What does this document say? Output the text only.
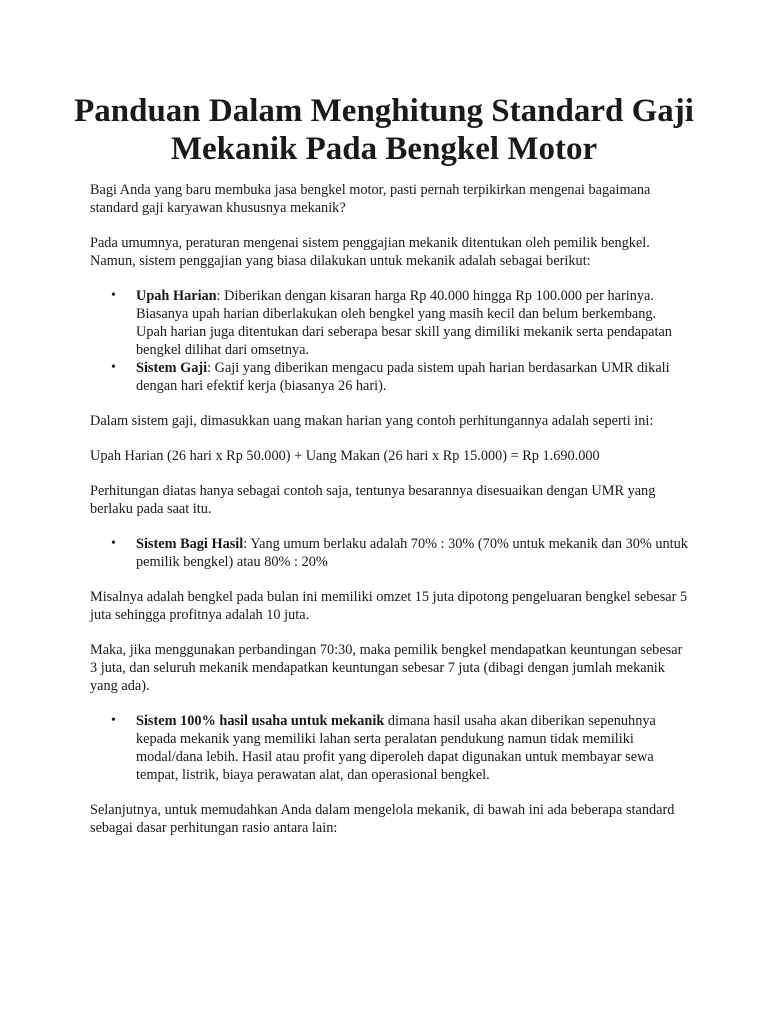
Panduan Dalam Menghitung Standard Gaji
Mekanik Pada Bengkel Motor

Bagi Anda yang baru membuka jasa bengkel motor, pasti pernah terpikirkan mengenai bagaimana standard gaji karyawan khususnya mekanik?

Pada umumnya, peraturan mengenai sistem penggajian mekanik ditentukan oleh pemilik bengkel. Namun, sistem penggajian yang biasa dilakukan untuk mekanik adalah sebagai berikut:

• Upah Harian: Diberikan dengan kisaran harga Rp 40.000 hingga Rp 100.000 per harinya. Biasanya upah harian diberlakukan oleh bengkel yang masih kecil dan belum berkembang. Upah harian juga ditentukan dari seberapa besar skill yang dimiliki mekanik serta pendapatan bengkel dilihat dari omsetnya.
• Sistem Gaji: Gaji yang diberikan mengacu pada sistem upah harian berdasarkan UMR dikali dengan hari efektif kerja (biasanya 26 hari).

Dalam sistem gaji, dimasukkan uang makan harian yang contoh perhitungannya adalah seperti ini:

Upah Harian (26 hari x Rp 50.000) + Uang Makan (26 hari x Rp 15.000) = Rp 1.690.000

Perhitungan diatas hanya sebagai contoh saja, tentunya besarannya disesuaikan dengan UMR yang berlaku pada saat itu.

• Sistem Bagi Hasil: Yang umum berlaku adalah 70% : 30% (70% untuk mekanik dan 30% untuk pemilik bengkel) atau 80% : 20%

Misalnya adalah bengkel pada bulan ini memiliki omzet 15 juta dipotong pengeluaran bengkel sebesar 5 juta sehingga profitnya adalah 10 juta.

Maka, jika menggunakan perbandingan 70:30, maka pemilik bengkel mendapatkan keuntungan sebesar 3 juta, dan seluruh mekanik mendapatkan keuntungan sebesar 7 juta (dibagi dengan jumlah mekanik yang ada).

• Sistem 100% hasil usaha untuk mekanik dimana hasil usaha akan diberikan sepenuhnya kepada mekanik yang memiliki lahan serta peralatan pendukung namun tidak memiliki modal/dana lebih. Hasil atau profit yang diperoleh dapat digunakan untuk membayar sewa tempat, listrik, biaya perawatan alat, dan operasional bengkel.

Selanjutnya, untuk memudahkan Anda dalam mengelola mekanik, di bawah ini ada beberapa standard sebagai dasar perhitungan rasio antara lain:
